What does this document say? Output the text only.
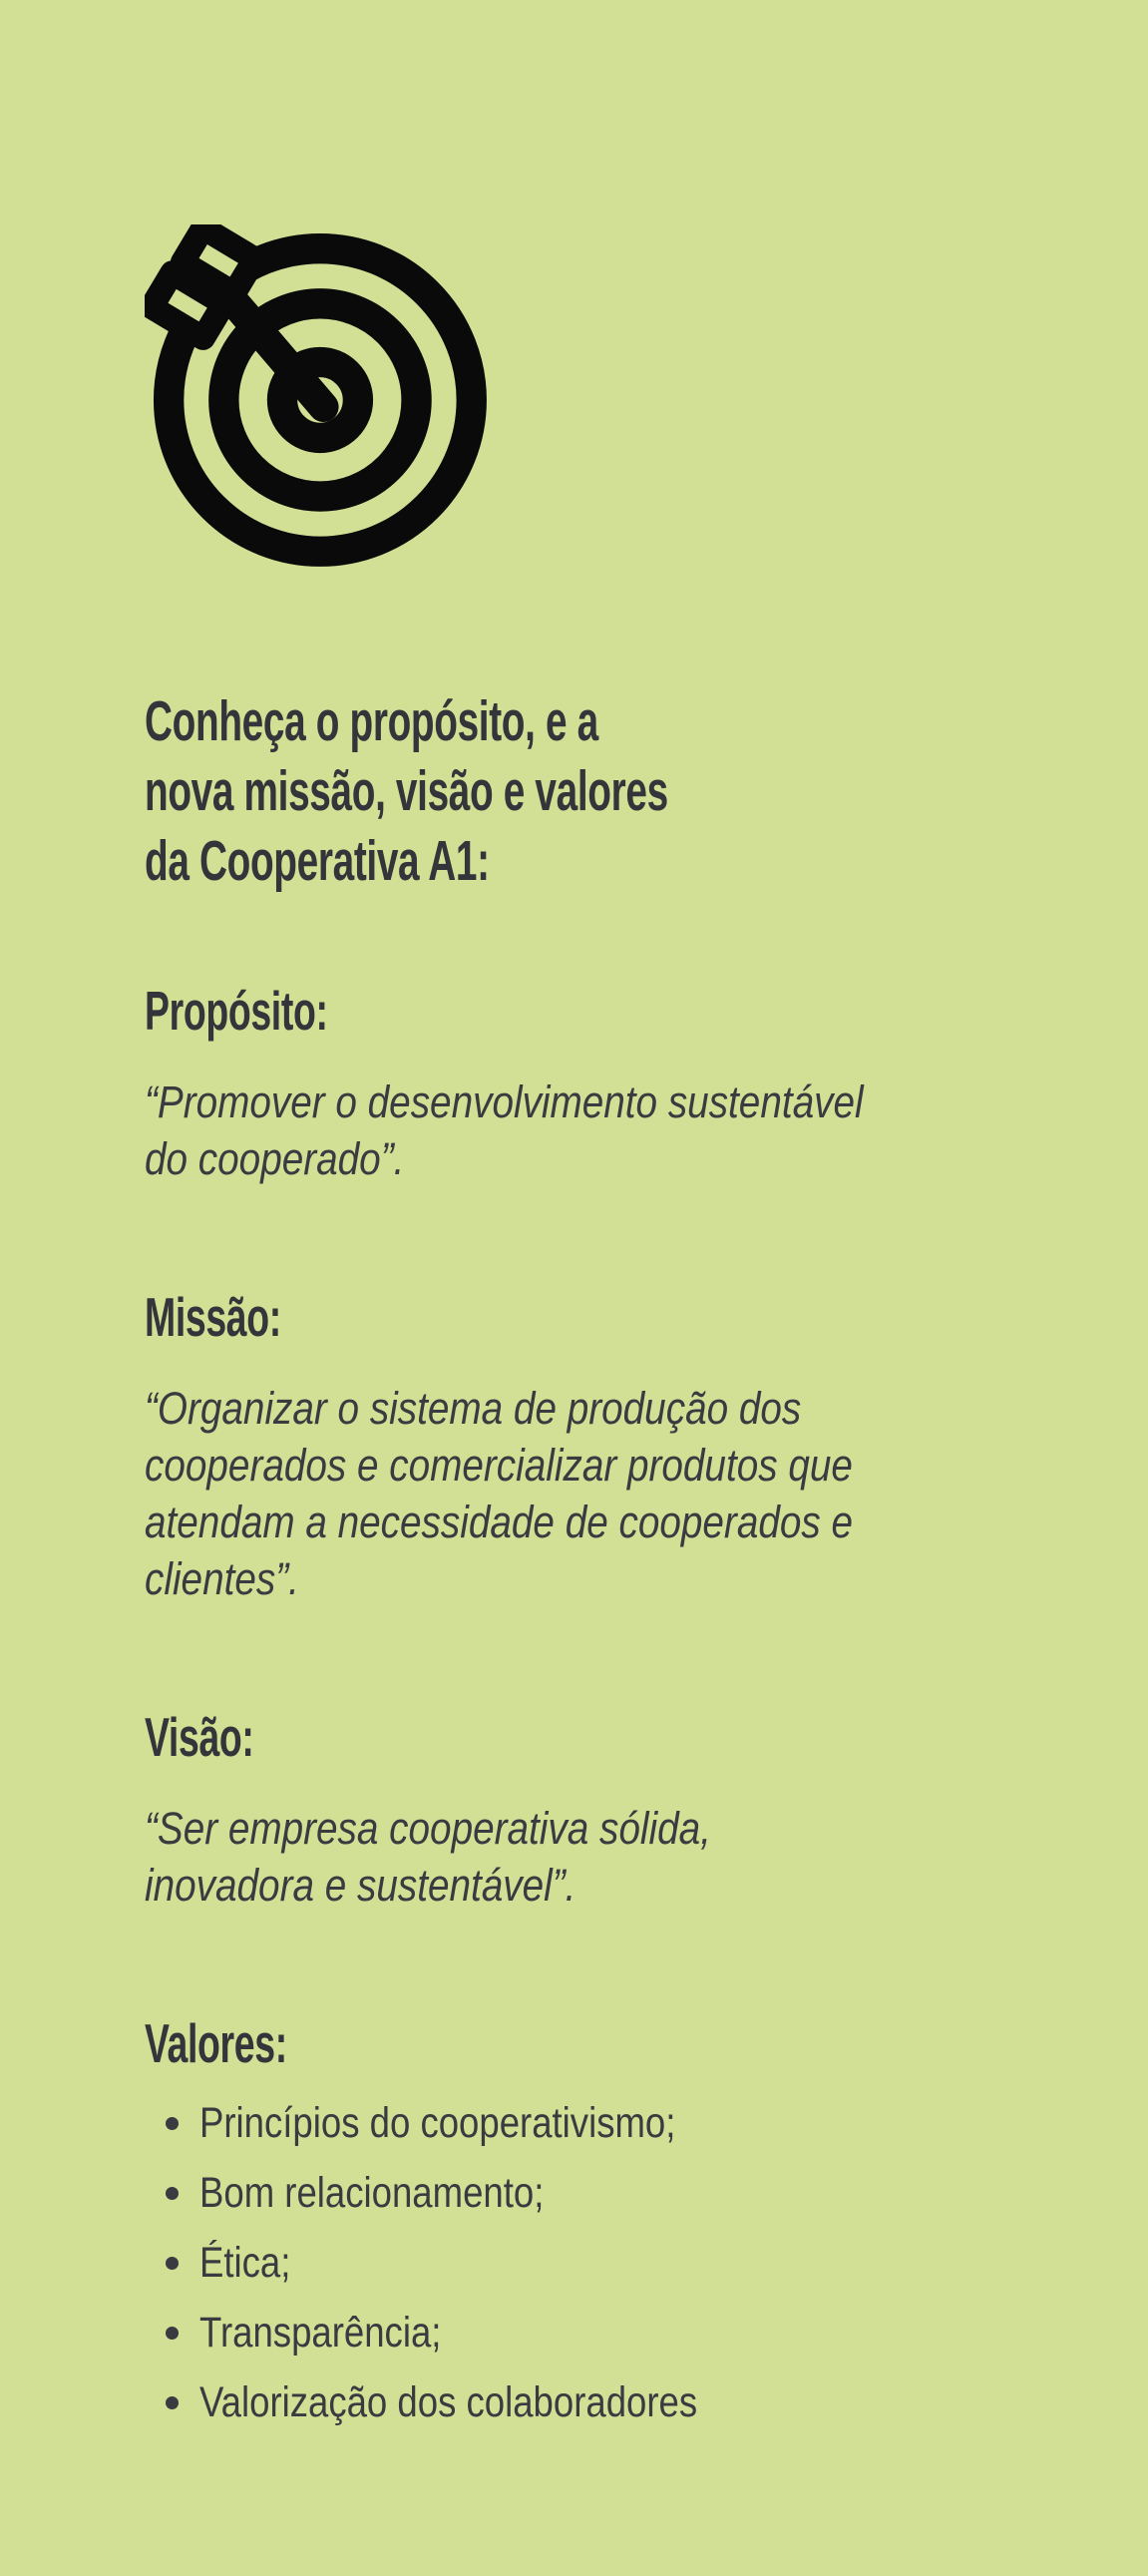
Conheça o propósito, e a
nova missão, visão e valores
da Cooperativa A1:
Propósito:
“Promover o desenvolvimento sustentável
do cooperado”.
Missão:
“Organizar o sistema de produção dos
cooperados e comercializar produtos que
atendam a necessidade de cooperados e
clientes”.
Visão:
“Ser empresa cooperativa sólida,
inovadora e sustentável”.
Valores:
Princípios do cooperativismo;
Bom relacionamento;
Ética;
Transparência;
Valorização dos colaboradores
